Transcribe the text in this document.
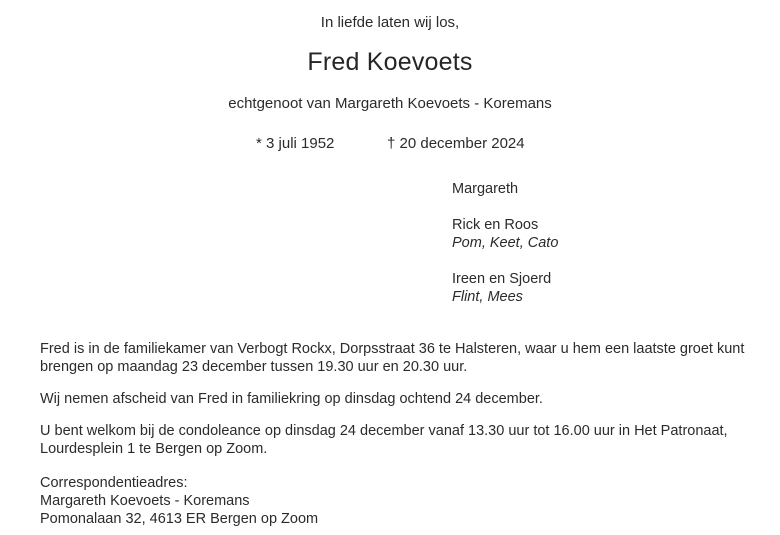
In liefde laten wij los,
Fred Koevoets
echtgenoot van Margareth Koevoets - Koremans
* 3 juli 1952	† 20 december 2024
Margareth
Rick en Roos
Pom, Keet, Cato
Ireen en Sjoerd
Flint, Mees
Fred is in de familiekamer van Verbogt Rockx, Dorpsstraat 36 te Halsteren, waar u hem een laatste groet kunt brengen op maandag 23 december tussen 19.30 uur en 20.30 uur.
Wij nemen afscheid van Fred in familiekring op dinsdag ochtend 24 december.
U bent welkom bij de condoleance op dinsdag 24 december vanaf 13.30 uur tot 16.00 uur in Het Patronaat, Lourdesplein 1 te Bergen op Zoom.
Correspondentieadres:
Margareth Koevoets - Koremans
Pomonalaan 32, 4613 ER Bergen op Zoom
